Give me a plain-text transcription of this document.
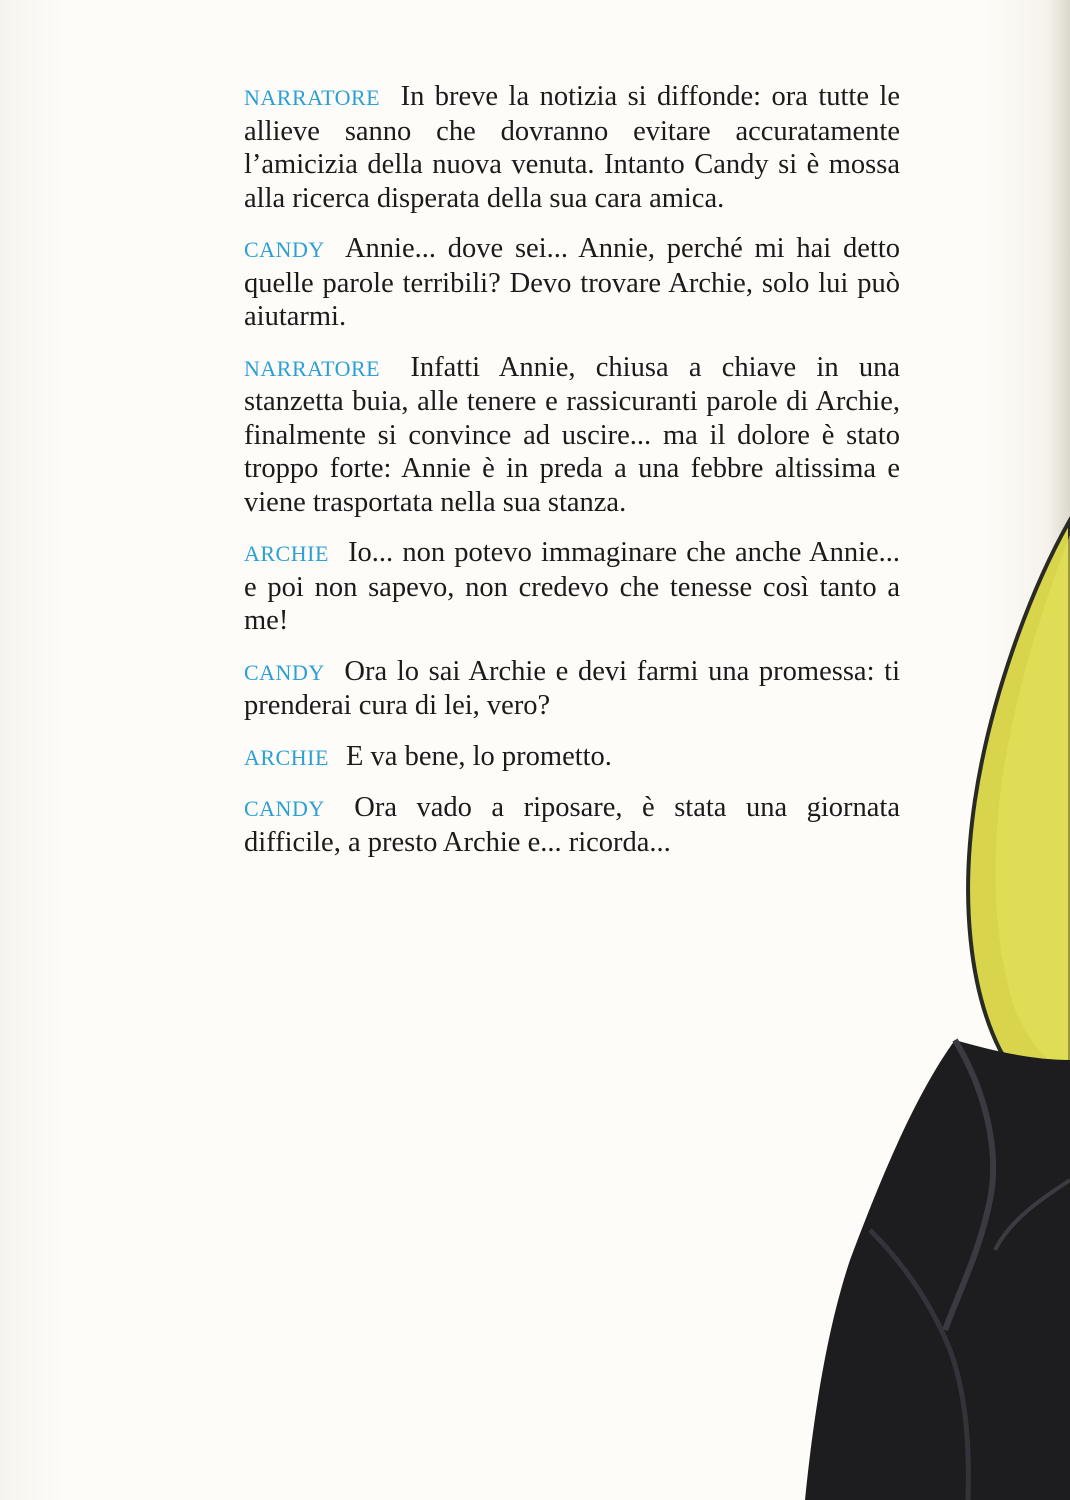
NARRATORE In breve la notizia si diffonde: ora tutte le allieve sanno che dovranno evitare accuratamente l’amicizia della nuova venuta. Intanto Candy si è mossa alla ricerca disperata della sua cara amica.

CANDY Annie... dove sei... Annie, perché mi hai detto quelle parole terribili? Devo trovare Archie, solo lui può aiutarmi.

NARRATORE Infatti Annie, chiusa a chiave in una stanzetta buia, alle tenere e rassicuranti parole di Archie, finalmente si convince ad uscire... ma il dolore è stato troppo forte: Annie è in preda a una febbre altissima e viene trasportata nella sua stanza.

ARCHIE Io... non potevo immaginare che anche Annie... e poi non sapevo, non credevo che tenesse così tanto a me!

CANDY Ora lo sai Archie e devi farmi una promessa: ti prenderai cura di lei, vero?

ARCHIE E va bene, lo prometto.

CANDY Ora vado a riposare, è stata una giornata difficile, a presto Archie e... ricorda...
